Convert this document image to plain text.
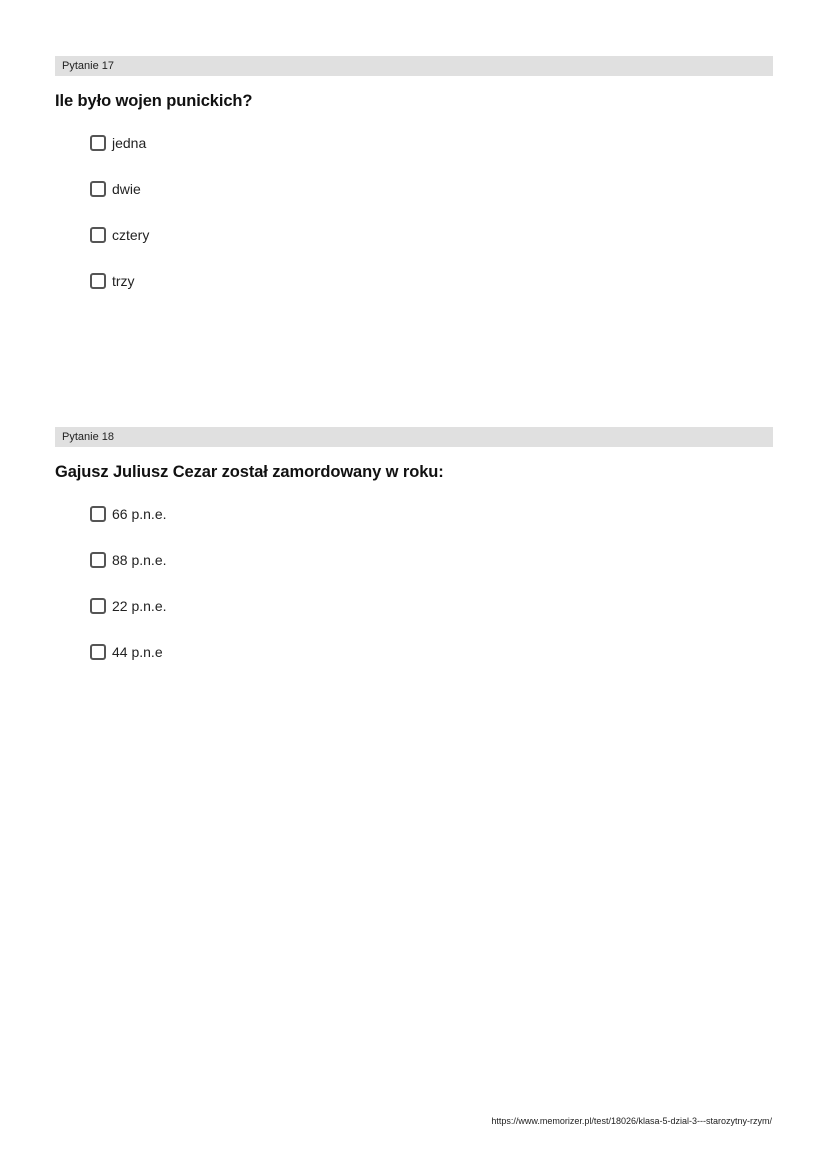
Pytanie 17
Ile było wojen punickich?
jedna
dwie
cztery
trzy
Pytanie 18
Gajusz Juliusz Cezar został zamordowany w roku:
66 p.n.e.
88 p.n.e.
22 p.n.e.
44 p.n.e
https://www.memorizer.pl/test/18026/klasa-5-dzial-3---starozytny-rzym/
